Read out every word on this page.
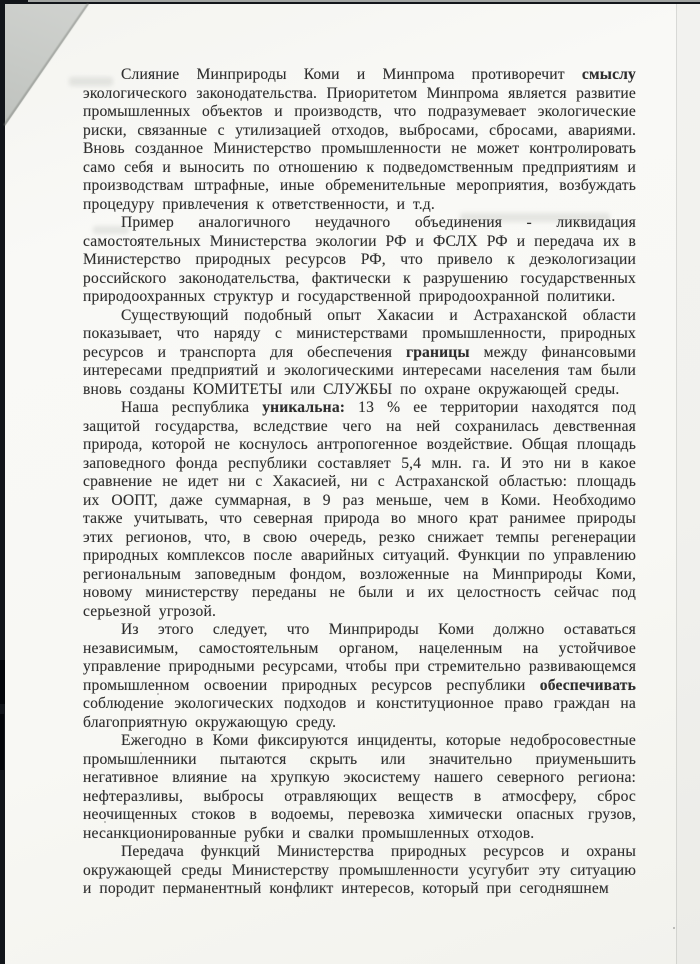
Слияние Минприроды Коми и Минпрома противоречит смыслу экологического законодательства. Приоритетом Минпрома является развитие промышленных объектов и производств, что подразумевает экологические риски, связанные с утилизацией отходов, выбросами, сбросами, авариями. Вновь созданное Министерство промышленности не может контролировать само себя и выносить по отношению к подведомственным предприятиям и производствам штрафные, иные обременительные мероприятия, возбуждать процедуру привлечения к ответственности, и т.д.

Пример аналогичного неудачного объединения - ликвидация самостоятельных Министерства экологии РФ и ФСЛХ РФ и передача их в Министерство природных ресурсов РФ, что привело к деэкологизации российского законодательства, фактически к разрушению государственных природоохранных структур и государственной природоохранной политики.

Существующий подобный опыт Хакасии и Астраханской области показывает, что наряду с министерствами промышленности, природных ресурсов и транспорта для обеспечения границы между финансовыми интересами предприятий и экологическими интересами населения там были вновь созданы КОМИТЕТЫ или СЛУЖБЫ по охране окружающей среды.

Наша республика уникальна: 13 % ее территории находятся под защитой государства, вследствие чего на ней сохранилась девственная природа, которой не коснулось антропогенное воздействие. Общая площадь заповедного фонда республики составляет 5,4 млн. га. И это ни в какое сравнение не идет ни с Хакасией, ни с Астраханской областью: площадь их ООПТ, даже суммарная, в 9 раз меньше, чем в Коми. Необходимо также учитывать, что северная природа во много крат ранимее природы этих регионов, что, в свою очередь, резко снижает темпы регенерации природных комплексов после аварийных ситуаций. Функции по управлению региональным заповедным фондом, возложенные на Минприроды Коми, новому министерству переданы не были и их целостность сейчас под серьезной угрозой.

Из этого следует, что Минприроды Коми должно оставаться независимым, самостоятельным органом, нацеленным на устойчивое управление природными ресурсами, чтобы при стремительно развивающемся промышленном освоении природных ресурсов республики обеспечивать соблюдение экологических подходов и конституционное право граждан на благоприятную окружающую среду.

Ежегодно в Коми фиксируются инциденты, которые недобросовестные промышленники пытаются скрыть или значительно приуменьшить негативное влияние на хрупкую экосистему нашего северного региона: нефтеразливы, выбросы отравляющих веществ в атмосферу, сброс неочищенных стоков в водоемы, перевозка химически опасных грузов, несанкционированные рубки и свалки промышленных отходов.

Передача функций Министерства природных ресурсов и охраны окружающей среды Министерству промышленности усугубит эту ситуацию и породит перманентный конфликт интересов, который при сегодняшнем
